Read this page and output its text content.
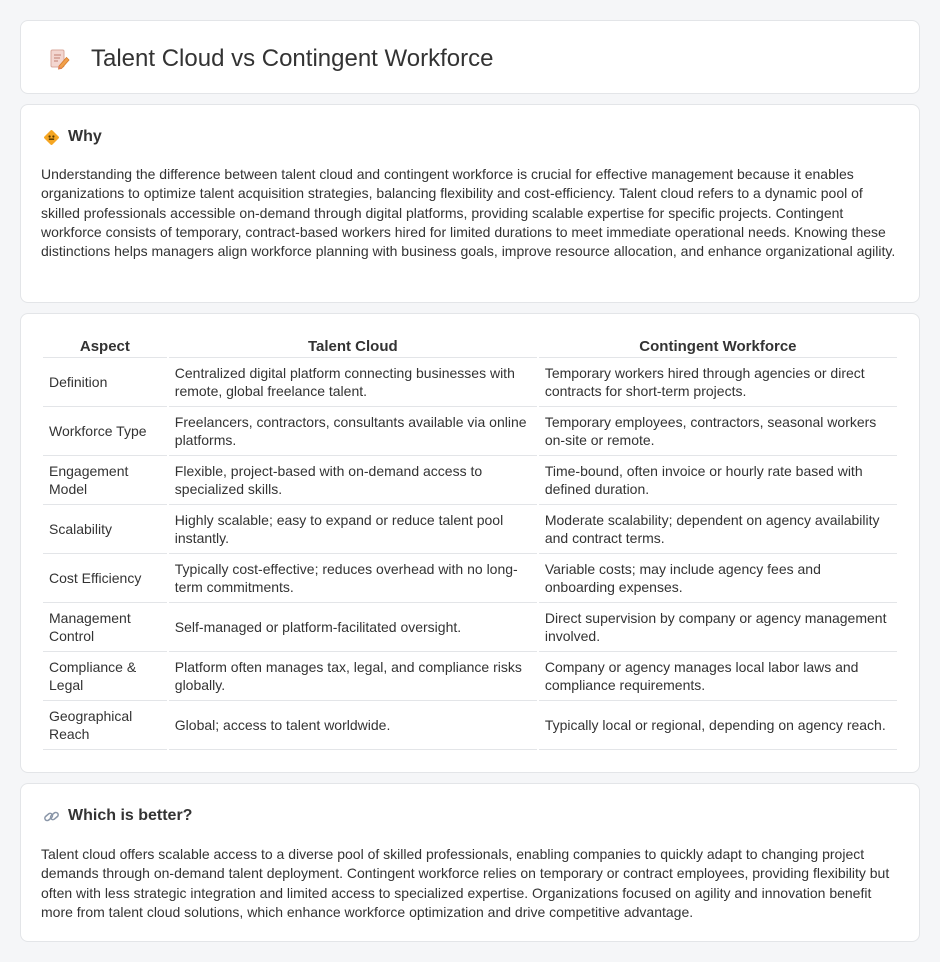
Talent Cloud vs Contingent Workforce
Why

Understanding the difference between talent cloud and contingent workforce is crucial for effective management because it enables organizations to optimize talent acquisition strategies, balancing flexibility and cost-efficiency. Talent cloud refers to a dynamic pool of skilled professionals accessible on-demand through digital platforms, providing scalable expertise for specific projects. Contingent workforce consists of temporary, contract-based workers hired for limited durations to meet immediate operational needs. Knowing these distinctions helps managers align workforce planning with business goals, improve resource allocation, and enhance organizational agility.

Aspect	Talent Cloud	Contingent Workforce
Definition	Centralized digital platform connecting businesses with remote, global freelance talent.	Temporary workers hired through agencies or direct contracts for short-term projects.
Workforce Type	Freelancers, contractors, consultants available via online platforms.	Temporary employees, contractors, seasonal workers on-site or remote.
Engagement Model	Flexible, project-based with on-demand access to specialized skills.	Time-bound, often invoice or hourly rate based with defined duration.
Scalability	Highly scalable; easy to expand or reduce talent pool instantly.	Moderate scalability; dependent on agency availability and contract terms.
Cost Efficiency	Typically cost-effective; reduces overhead with no long-term commitments.	Variable costs; may include agency fees and onboarding expenses.
Management Control	Self-managed or platform-facilitated oversight.	Direct supervision by company or agency management involved.
Compliance & Legal	Platform often manages tax, legal, and compliance risks globally.	Company or agency manages local labor laws and compliance requirements.
Geographical Reach	Global; access to talent worldwide.	Typically local or regional, depending on agency reach.
Which is better?

Talent cloud offers scalable access to a diverse pool of skilled professionals, enabling companies to quickly adapt to changing project demands through on-demand talent deployment. Contingent workforce relies on temporary or contract employees, providing flexibility but often with less strategic integration and limited access to specialized expertise. Organizations focused on agility and innovation benefit more from talent cloud solutions, which enhance workforce optimization and drive competitive advantage.
